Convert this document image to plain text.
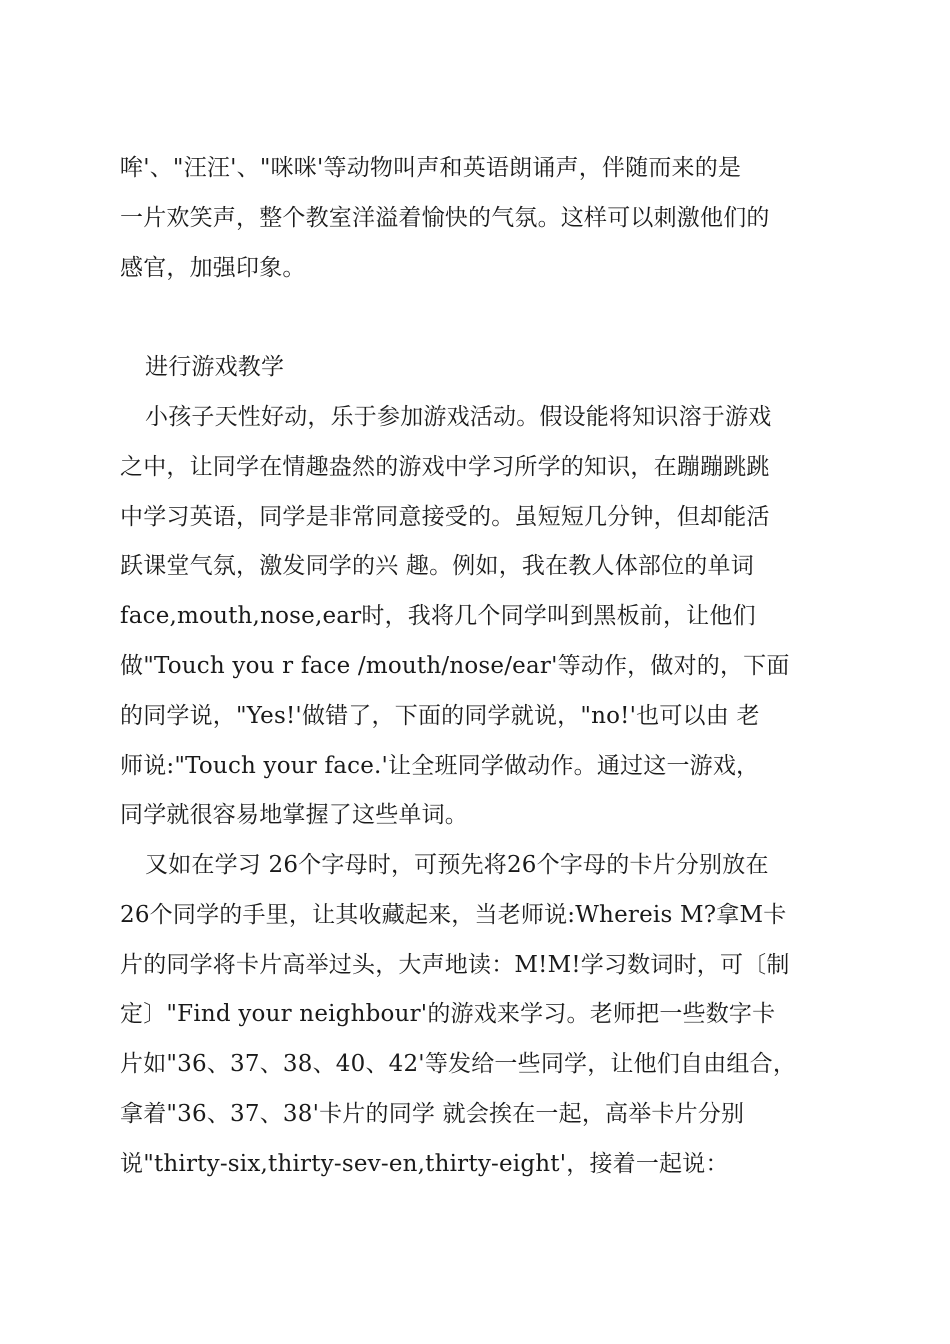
哞'、"汪汪'、"咪咪'等动物叫声和英语朗诵声，伴随而来的是
一片欢笑声，整个教室洋溢着愉快的气氛。这样可以刺激他们的
感官，加强印象。
进行游戏教学
小孩子天性好动，乐于参加游戏活动。假设能将知识溶于游戏
之中，让同学在情趣盎然的游戏中学习所学的知识，在蹦蹦跳跳
中学习英语，同学是非常同意接受的。虽短短几分钟，但却能活
跃课堂气氛，激发同学的兴 趣。例如，我在教人体部位的单词
face,mouth,nose,ear时，我将几个同学叫到黑板前，让他们
做"Touch you r face /mouth/nose/ear'等动作，做对的，下面
的同学说，"Yes!'做错了，下面的同学就说，"no!'也可以由 老
师说:"Touch your face.'让全班同学做动作。通过这一游戏，
同学就很容易地掌握了这些单词。
又如在学习 26个字母时，可预先将26个字母的卡片分别放在
26个同学的手里，让其收藏起来，当老师说:Whereis M?拿M卡
片的同学将卡片高举过头，大声地读：M!M!学习数词时，可〔制
定〕"Find your neighbour'的游戏来学习。老师把一些数字卡
片如"36、37、38、40、42'等发给一些同学，让他们自由组合，
拿着"36、37、38'卡片的同学 就会挨在一起，高举卡片分别
说"thirty-six,thirty-sev-en,thirty-eight'，接着一起说：
